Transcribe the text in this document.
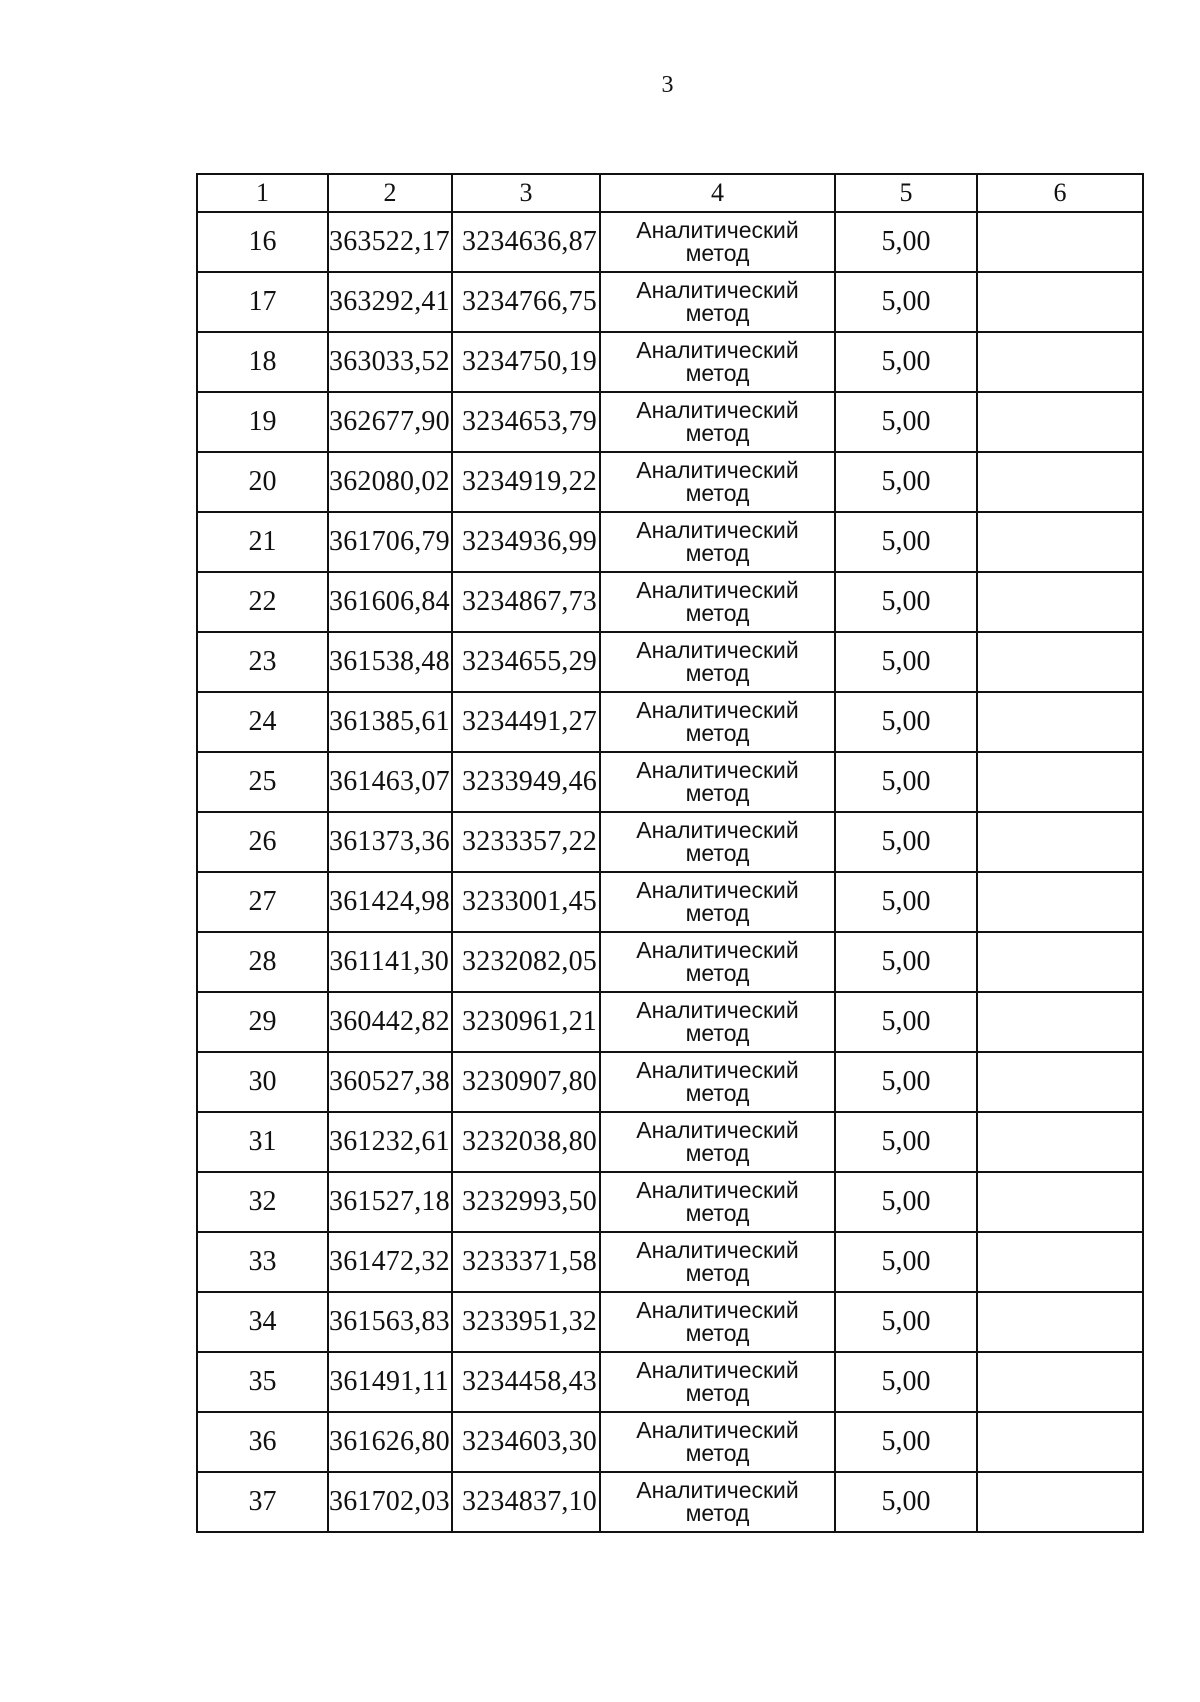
3
1	2	3	4	5	6
16	363522,17	3234636,87	Аналитический
метод	5,00	
17	363292,41	3234766,75	Аналитический
метод	5,00	
18	363033,52	3234750,19	Аналитический
метод	5,00	
19	362677,90	3234653,79	Аналитический
метод	5,00	
20	362080,02	3234919,22	Аналитический
метод	5,00	
21	361706,79	3234936,99	Аналитический
метод	5,00	
22	361606,84	3234867,73	Аналитический
метод	5,00	
23	361538,48	3234655,29	Аналитический
метод	5,00	
24	361385,61	3234491,27	Аналитический
метод	5,00	
25	361463,07	3233949,46	Аналитический
метод	5,00	
26	361373,36	3233357,22	Аналитический
метод	5,00	
27	361424,98	3233001,45	Аналитический
метод	5,00	
28	361141,30	3232082,05	Аналитический
метод	5,00	
29	360442,82	3230961,21	Аналитический
метод	5,00	
30	360527,38	3230907,80	Аналитический
метод	5,00	
31	361232,61	3232038,80	Аналитический
метод	5,00	
32	361527,18	3232993,50	Аналитический
метод	5,00	
33	361472,32	3233371,58	Аналитический
метод	5,00	
34	361563,83	3233951,32	Аналитический
метод	5,00	
35	361491,11	3234458,43	Аналитический
метод	5,00	
36	361626,80	3234603,30	Аналитический
метод	5,00	
37	361702,03	3234837,10	Аналитический
метод	5,00	
